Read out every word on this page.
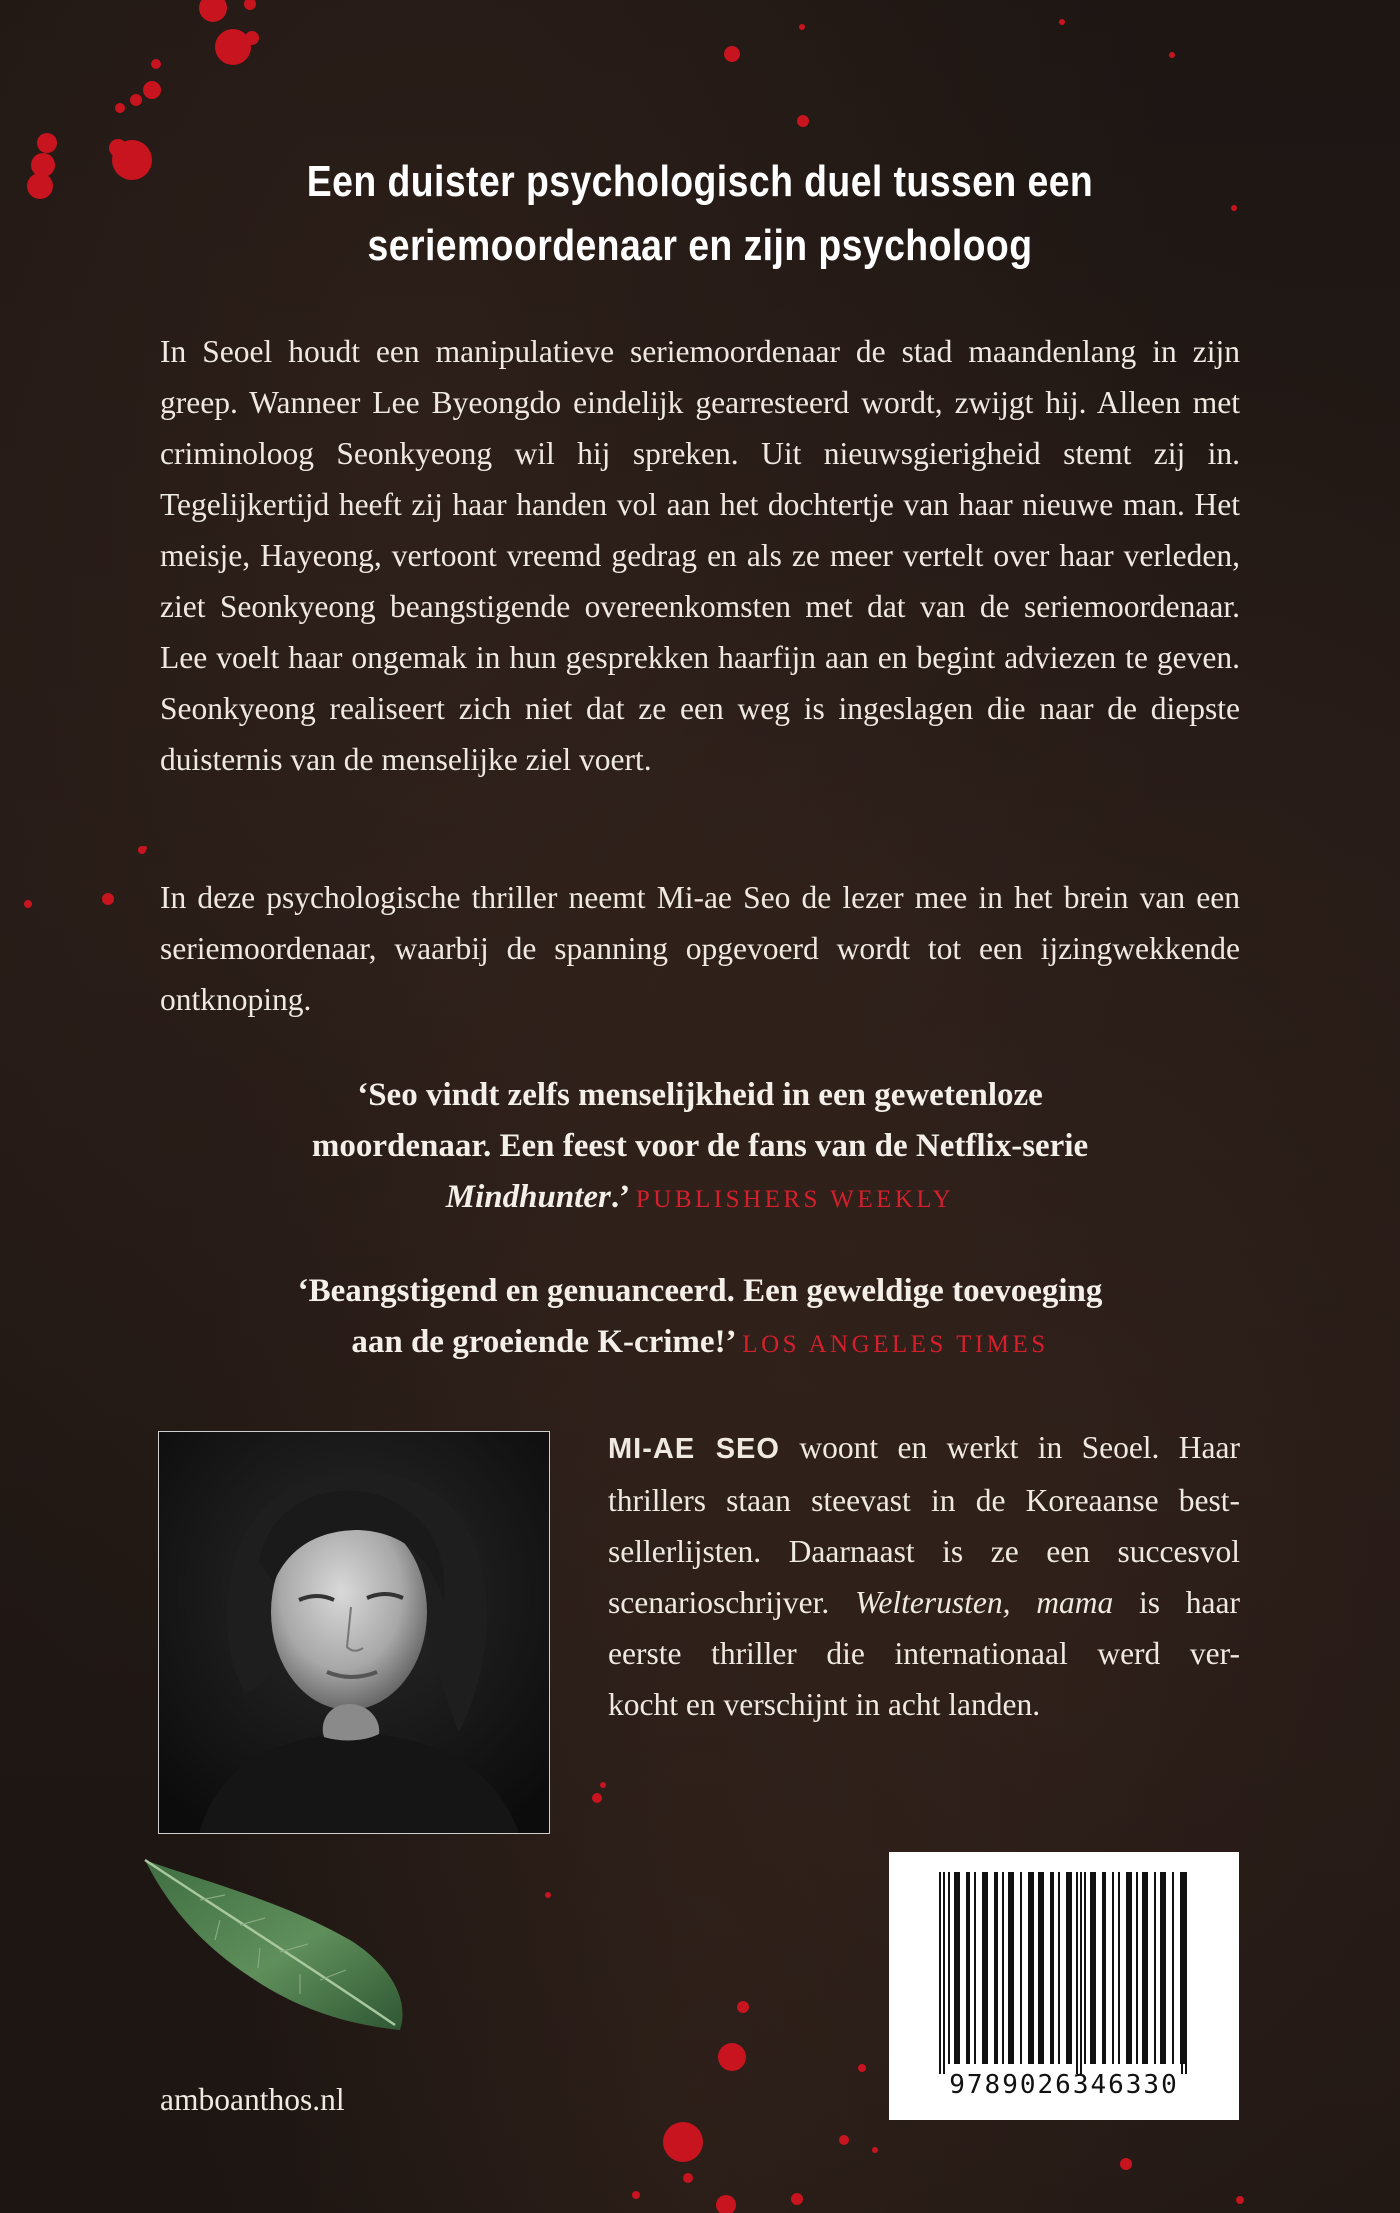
Een duister psychologisch duel tussen een
seriemoordenaar en zijn psycholoog

In Seoel houdt een manipulatieve seriemoordenaar de stad maandenlang in zijn greep. Wanneer Lee Byeongdo eindelijk gearresteerd wordt, zwijgt hij. Alleen met criminoloog Seonkyeong wil hij spreken. Uit nieuwsgierigheid stemt zij in. Tegelijkertijd heeft zij haar handen vol aan het dochtertje van haar nieuwe man. Het meisje, Hayeong, vertoont vreemd gedrag en als ze meer vertelt over haar verleden, ziet Seonkyeong beangstigende overeenkomsten met dat van de seriemoordenaar. Lee voelt haar ongemak in hun gesprekken haarfijn aan en begint adviezen te geven. Seonkyeong realiseert zich niet dat ze een weg is ingeslagen die naar de diepste duisternis van de menselijke ziel voert.

In deze psychologische thriller neemt Mi-ae Seo de lezer mee in het brein van een seriemoordenaar, waarbij de spanning opgevoerd wordt tot een ijzingwekkende ontknoping.

‘Seo vindt zelfs menselijkheid in een gewetenloze
moordenaar. Een feest voor de fans van de Netflix-serie
Mindhunter.’ PUBLISHERS WEEKLY
‘Beangstigend en genuanceerd. Een geweldige toevoeging
aan de groeiende K-crime!’ LOS ANGELES TIMES
MI-AE SEO woont en werkt in Seoel. Haar
thrillers staan steevast in de Koreaanse best-
sellerlijsten. Daarnaast is ze een succesvol
scenarioschrijver. Welterusten, mama is haar
eerste thriller die internationaal werd ver-
kocht en verschijnt in acht landen.

amboanthos.nl	9789026346330
